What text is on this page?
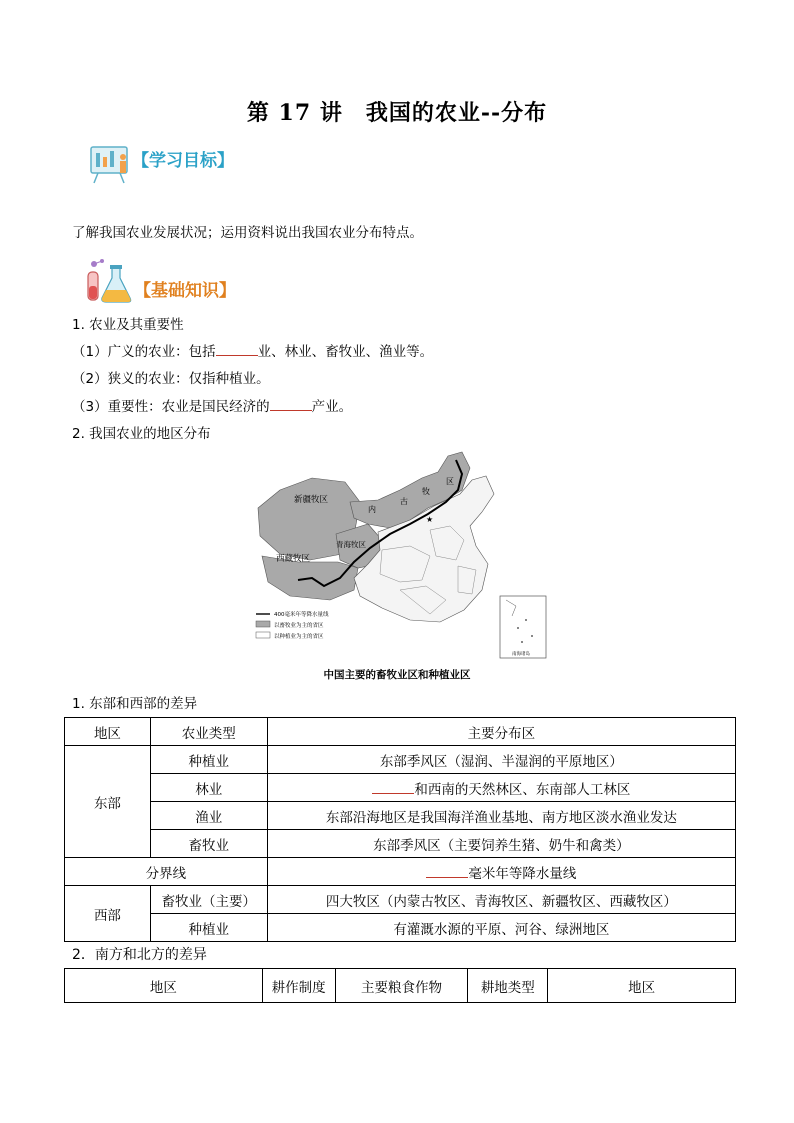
第 17 讲　我国的农业--分布
【学习目标】
了解我国农业发展状况；运用资料说出我国农业分布特点。
【基础知识】
1. 农业及其重要性
（1）广义的农业：包括	业、林业、畜牧业、渔业等。
（2）狭义的农业：仅指种植业。
（3）重要性：农业是国民经济的	产业。
2. 我国农业的地区分布
★
新疆牧区
青海牧区
西藏牧区
内
古
牧
区
400毫米年等降水量线
以畜牧业为主的省区
以种植业为主的省区
南海诸岛
中国主要的畜牧业区和种植业区
1. 东部和西部的差异
地区	农业类型	主要分布区
东部	种植业	东部季风区（湿润、半湿润的平原地区）
	林业	和西南的天然林区、东南部人工林区
	渔业	东部沿海地区是我国海洋渔业基地、南方地区淡水渔业发达
	畜牧业	东部季风区（主要饲养生猪、奶牛和禽类）
分界线		毫米年等降水量线
西部	畜牧业（主要）	四大牧区（内蒙古牧区、青海牧区、新疆牧区、西藏牧区）
	种植业	有灌溉水源的平原、河谷、绿洲地区
2．南方和北方的差异
地区	耕作制度	主要粮食作物	耕地类型	地区
